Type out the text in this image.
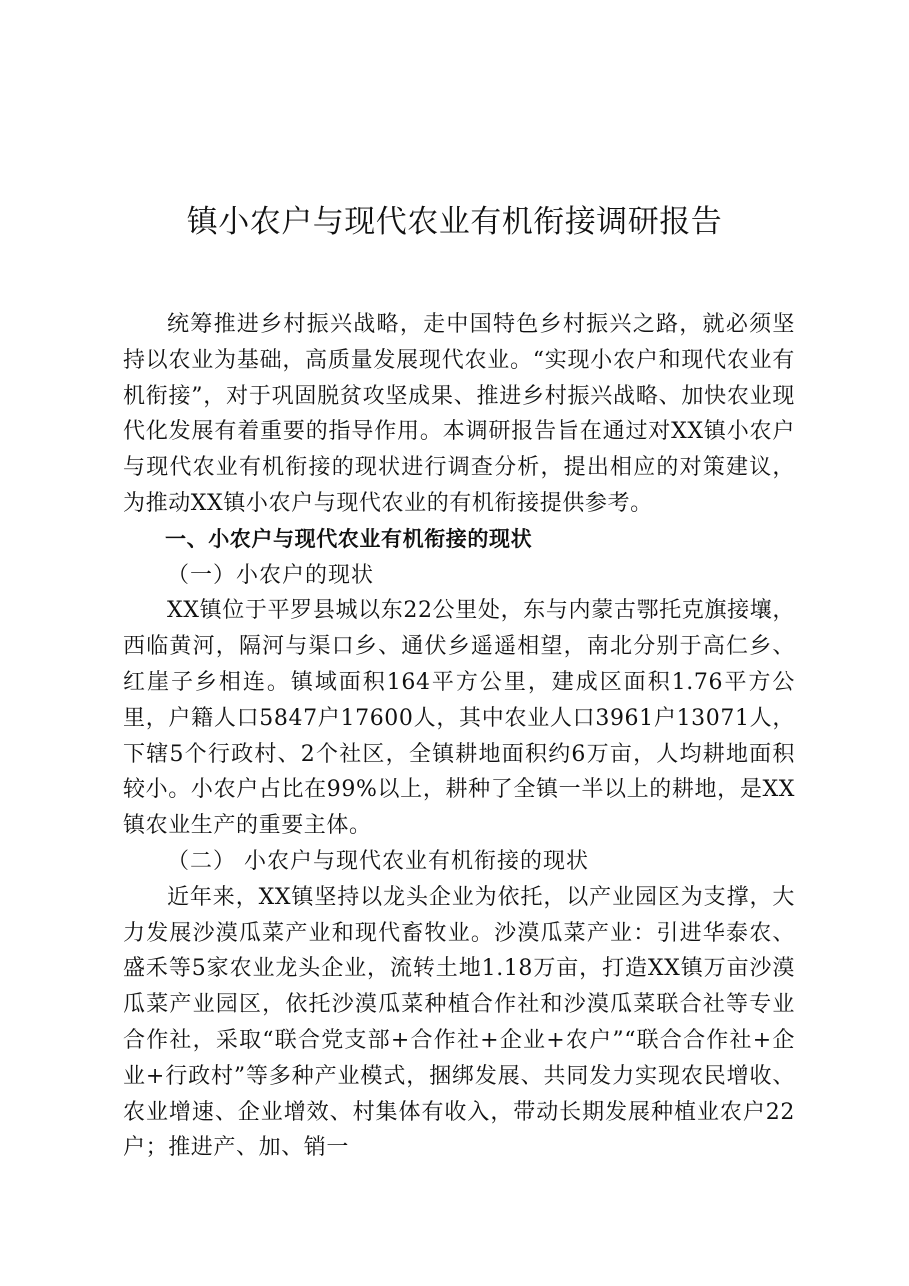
镇小农户与现代农业有机衔接调研报告

统筹推进乡村振兴战略，走中国特色乡村振兴之路，就必须坚持以农业为基础，高质量发展现代农业。“实现小农户和现代农业有机衔接”，对于巩固脱贫攻坚成果、推进乡村振兴战略、加快农业现代化发展有着重要的指导作用。本调研报告旨在通过对XX镇小农户与现代农业有机衔接的现状进行调查分析，提出相应的对策建议，为推动XX镇小农户与现代农业的有机衔接提供参考。

一、小农户与现代农业有机衔接的现状

（一）小农户的现状

XX镇位于平罗县城以东22公里处，东与内蒙古鄂托克旗接壤，西临黄河，隔河与渠口乡、通伏乡遥遥相望，南北分别于高仁乡、红崖子乡相连。镇域面积164平方公里，建成区面积1.76平方公里，户籍人口5847户17600人，其中农业人口3961户13071人，下辖5个行政村、2个社区，全镇耕地面积约6万亩，人均耕地面积较小。小农户占比在99%以上，耕种了全镇一半以上的耕地，是XX镇农业生产的重要主体。

（二） 小农户与现代农业有机衔接的现状

近年来，XX镇坚持以龙头企业为依托，以产业园区为支撑，大力发展沙漠瓜菜产业和现代畜牧业。沙漠瓜菜产业：引进华泰农、盛禾等5家农业龙头企业，流转土地1.18万亩，打造XX镇万亩沙漠瓜菜产业园区，依托沙漠瓜菜种植合作社和沙漠瓜菜联合社等专业合作社，采取“联合党支部+合作社+企业+农户”“联合合作社+企业+行政村”等多种产业模式，捆绑发展、共同发力实现农民增收、农业增速、企业增效、村集体有收入，带动长期发展种植业农户22户；推进产、加、销一
